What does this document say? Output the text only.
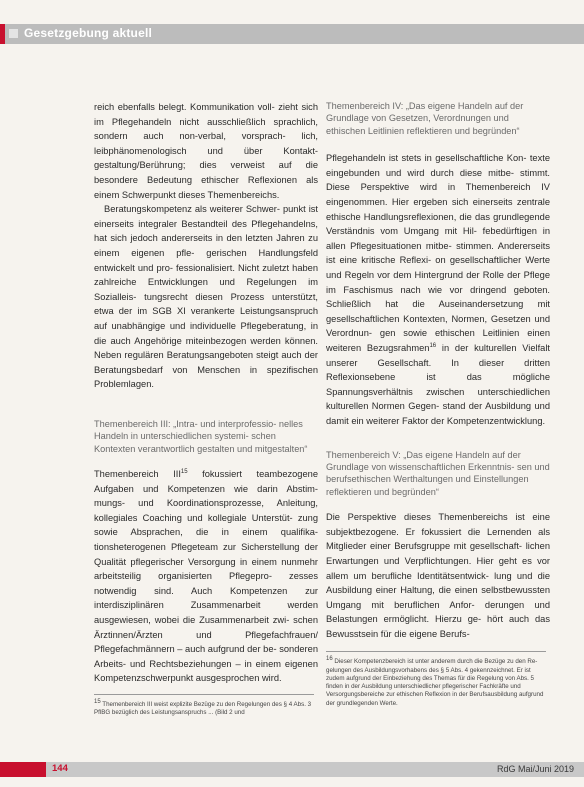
Gesetzgebung aktuell

reich ebenfalls belegt. Kommunikation voll- zieht sich im Pflegehandeln nicht ausschließlich sprachlich, sondern auch non-verbal, vorsprach- lich, leibphänomenologisch und über Kontakt- gestaltung/Berührung; dies verweist auf die besondere Bedeutung ethischer Reflexionen als einem Schwerpunkt dieses Themenbereichs.

Beratungskompetenz als weiterer Schwer- punkt ist einerseits integraler Bestandteil des Pflegehandelns, hat sich jedoch andererseits in den letzten Jahren zu einem eigenen pfle- gerischen Handlungsfeld entwickelt und pro- fessionalisiert. Nicht zuletzt haben zahlreiche Entwicklungen und Regelungen im Sozialleis- tungsrecht diesen Prozess unterstützt, etwa der im SGB XI verankerte Leistungsanspruch auf unabhängige und individuelle Pflegeberatung, in die auch Angehörige miteinbezogen werden können. Neben regulären Beratungsangeboten steigt auch der Beratungsbedarf von Menschen in spezifischen Problemlagen.

Themenbereich III: „Intra- und interprofessio- nelles Handeln in unterschiedlichen systemi- schen Kontexten verantwortlich gestalten und mitgestalten“

Themenbereich III$^{15}$ fokussiert teambezogene Aufgaben und Kompetenzen wie darin Abstim- mungs- und Koordinationsprozesse, Anleitung, kollegiales Coaching und kollegiale Unterstüt- zung sowie Absprachen, die in einem qualifika- tionsheterogenen Pflegeteam zur Sicherstellung der Qualität pflegerischer Versorgung in einem nunmehr arbeitsteilig organisierten Pflegepro- zesses notwendig sind. Auch Kompetenzen zur interdisziplinären Zusammenarbeit werden ausgewiesen, wobei die Zusammenarbeit zwi- schen Ärztinnen/Ärzten und Pflegefachfrauen/ Pflegefachmännern – auch aufgrund der be- sonderen Arbeits- und Rechtsbeziehungen – in einem eigenen Kompetenzschwerpunkt ausgesprochen wird.

15 Themenbereich III weist explizite Bezüge zu den Regelungen des § 4 Abs. 3 PflBG bezüglich des Leistungsanspruchs ... (Bild 2 und

Themenbereich IV: „Das eigene Handeln auf der Grundlage von Gesetzen, Verordnungen und ethischen Leitlinien reflektieren und begründen“

Pflegehandeln ist stets in gesellschaftliche Kon- texte eingebunden und wird durch diese mitbe- stimmt. Diese Perspektive wird in Themenbereich IV eingenommen. Hier ergeben sich einerseits zentrale ethische Handlungsreflexionen, die das grundlegende Verständnis vom Umgang mit Hil- febedürftigen in allen Pflegesituationen mitbe- stimmen. Andererseits ist eine kritische Reflexi- on gesellschaftlicher Werte und Regeln vor dem Hintergrund der Rolle der Pflege im Faschismus nach wie vor dringend geboten. Schließlich hat die Auseinandersetzung mit gesellschaftlichen Kontexten, Normen, Gesetzen und Verordnun- gen sowie ethischen Leitlinien einen weiteren Bezugsrahmen$^{16}$ in der kulturellen Vielfalt unserer Gesellschaft. In dieser dritten Reflexionsebene ist das mögliche Spannungsverhältnis zwischen unterschiedlichen kulturellen Normen Gegen- stand der Ausbildung und damit ein weiterer Faktor der Kompetenzentwicklung.

Themenbereich V: „Das eigene Handeln auf der Grundlage von wissenschaftlichen Erkenntnis- sen und berufsethischen Werthaltungen und Einstellungen reflektieren und begründen“

Die Perspektive dieses Themenbereichs ist eine subjektbezogene. Er fokussiert die Lernenden als Mitglieder einer Berufsgruppe mit gesellschaft- lichen Erwartungen und Verpflichtungen. Hier geht es vor allem um berufliche Identitätsentwick- lung und die Ausbildung einer Haltung, die einen selbstbewussten Umgang mit beruflichen Anfor- derungen und Belastungen ermöglicht. Hierzu ge- hört auch das Bewusstsein für die eigene Berufs-

16 Dieser Kompetenzbereich ist unter anderem durch die Bezüge zu den Re- gelungen des Ausbildungsvorhabens des § 5 Abs. 4 gekennzeichnet. Er ist zudem aufgrund der Einbeziehung des Themas für die Regelung von Abs. 5 finden in der Ausbildung unterschiedlicher pflegerischer Fachkräfte und Versorgungsbereiche zur ethischen Reflexion in der Berufsausbildung aufgrund der grundlegenden Werte.

144	RdG Mai/Juni 2019
